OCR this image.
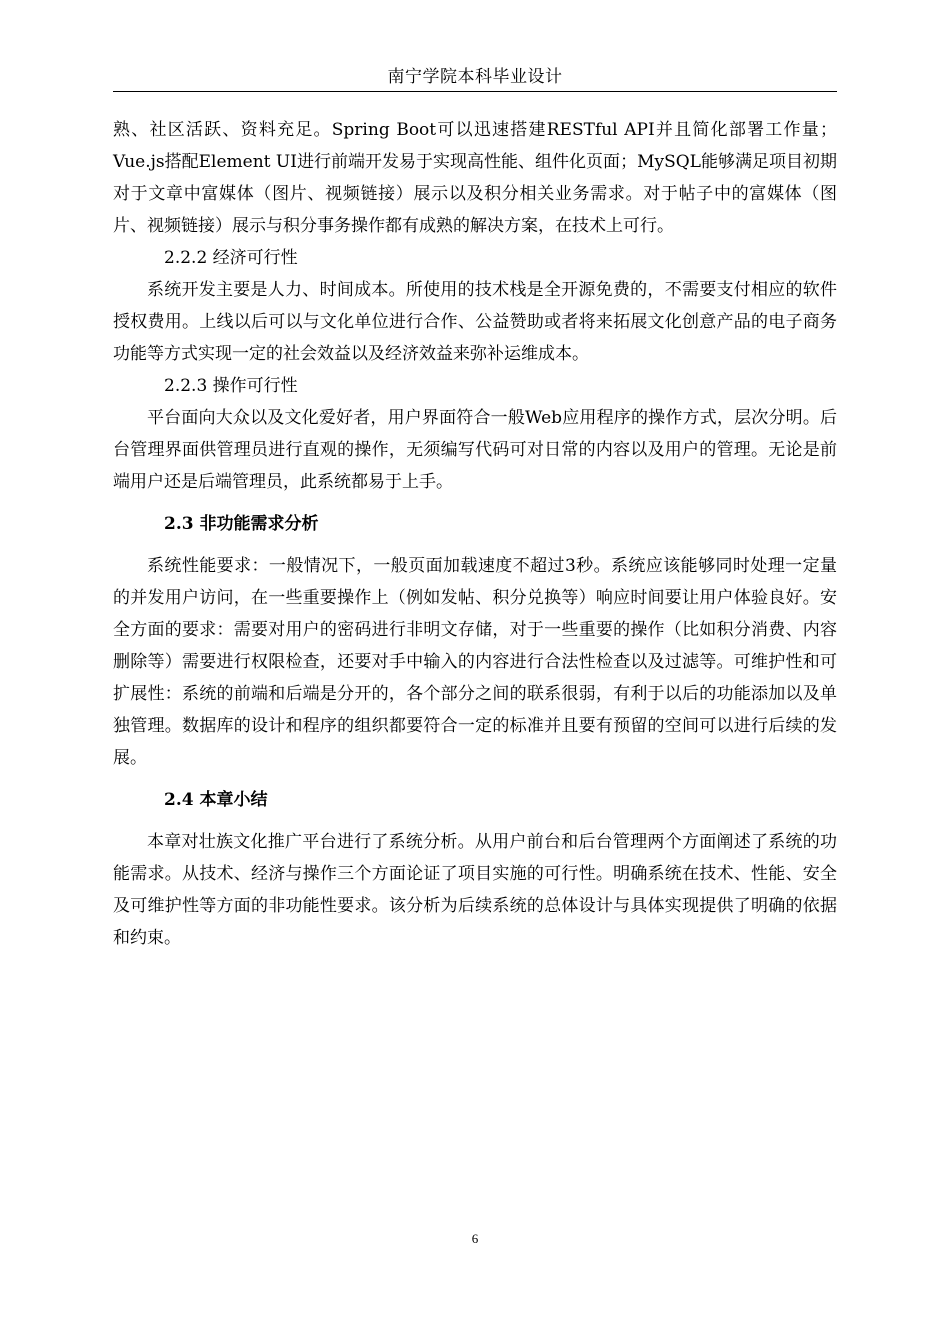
南宁学院本科毕业设计

熟、社区活跃、资料充足。Spring Boot可以迅速搭建RESTful API并且简化部署工作量；Vue.js搭配Element UI进行前端开发易于实现高性能、组件化页面；MySQL能够满足项目初期对于文章中富媒体（图片、视频链接）展示以及积分相关业务需求。对于帖子中的富媒体（图片、视频链接）展示与积分事务操作都有成熟的解决方案，在技术上可行。

2.2.2 经济可行性

系统开发主要是人力、时间成本。所使用的技术栈是全开源免费的，不需要支付相应的软件授权费用。上线以后可以与文化单位进行合作、公益赞助或者将来拓展文化创意产品的电子商务功能等方式实现一定的社会效益以及经济效益来弥补运维成本。

2.2.3 操作可行性

平台面向大众以及文化爱好者，用户界面符合一般Web应用程序的操作方式，层次分明。后台管理界面供管理员进行直观的操作，无须编写代码可对日常的内容以及用户的管理。无论是前端用户还是后端管理员，此系统都易于上手。

2.3 非功能需求分析

系统性能要求：一般情况下，一般页面加载速度不超过3秒。系统应该能够同时处理一定量的并发用户访问，在一些重要操作上（例如发帖、积分兑换等）响应时间要让用户体验良好。安全方面的要求：需要对用户的密码进行非明文存储，对于一些重要的操作（比如积分消费、内容删除等）需要进行权限检查，还要对手中输入的内容进行合法性检查以及过滤等。可维护性和可扩展性：系统的前端和后端是分开的，各个部分之间的联系很弱，有利于以后的功能添加以及单独管理。数据库的设计和程序的组织都要符合一定的标准并且要有预留的空间可以进行后续的发展。

2.4 本章小结

本章对壮族文化推广平台进行了系统分析。从用户前台和后台管理两个方面阐述了系统的功能需求。从技术、经济与操作三个方面论证了项目实施的可行性。明确系统在技术、性能、安全及可维护性等方面的非功能性要求。该分析为后续系统的总体设计与具体实现提供了明确的依据和约束。

6
